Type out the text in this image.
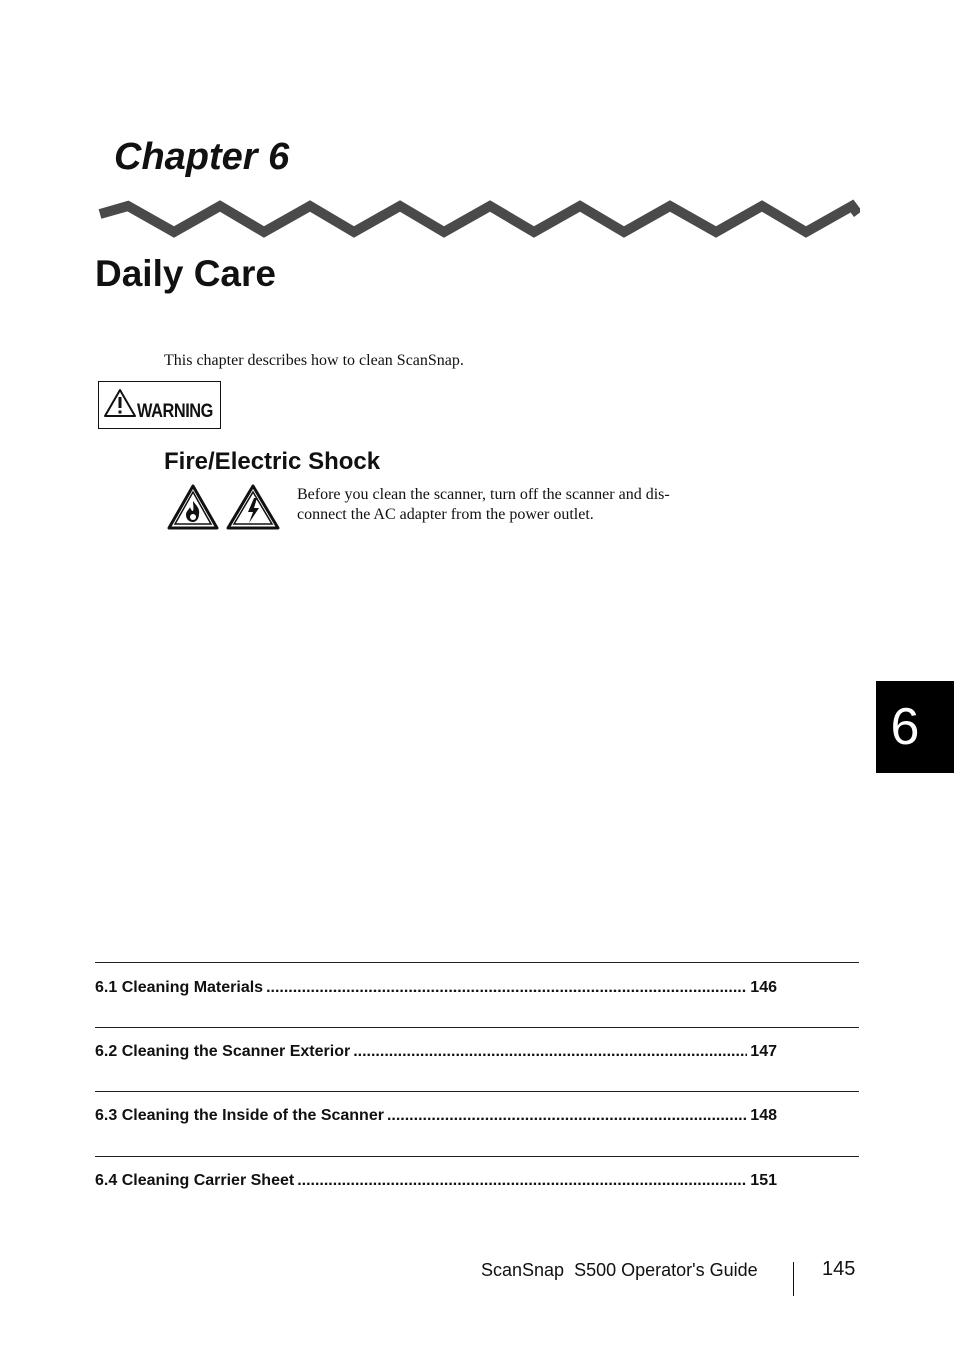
Chapter 6
Daily Care
This chapter describes how to clean ScanSnap.
WARNING
Fire/Electric Shock
Before you clean the scanner, turn off the scanner and dis-
connect the AC adapter from the power outlet.
6
6.1 Cleaning Materials .....	146
6.2 Cleaning the Scanner Exterior .....	147
6.3 Cleaning the Inside of the Scanner .....	148
6.4 Cleaning Carrier Sheet .....	151
ScanSnap  S500 Operator's Guide	145
